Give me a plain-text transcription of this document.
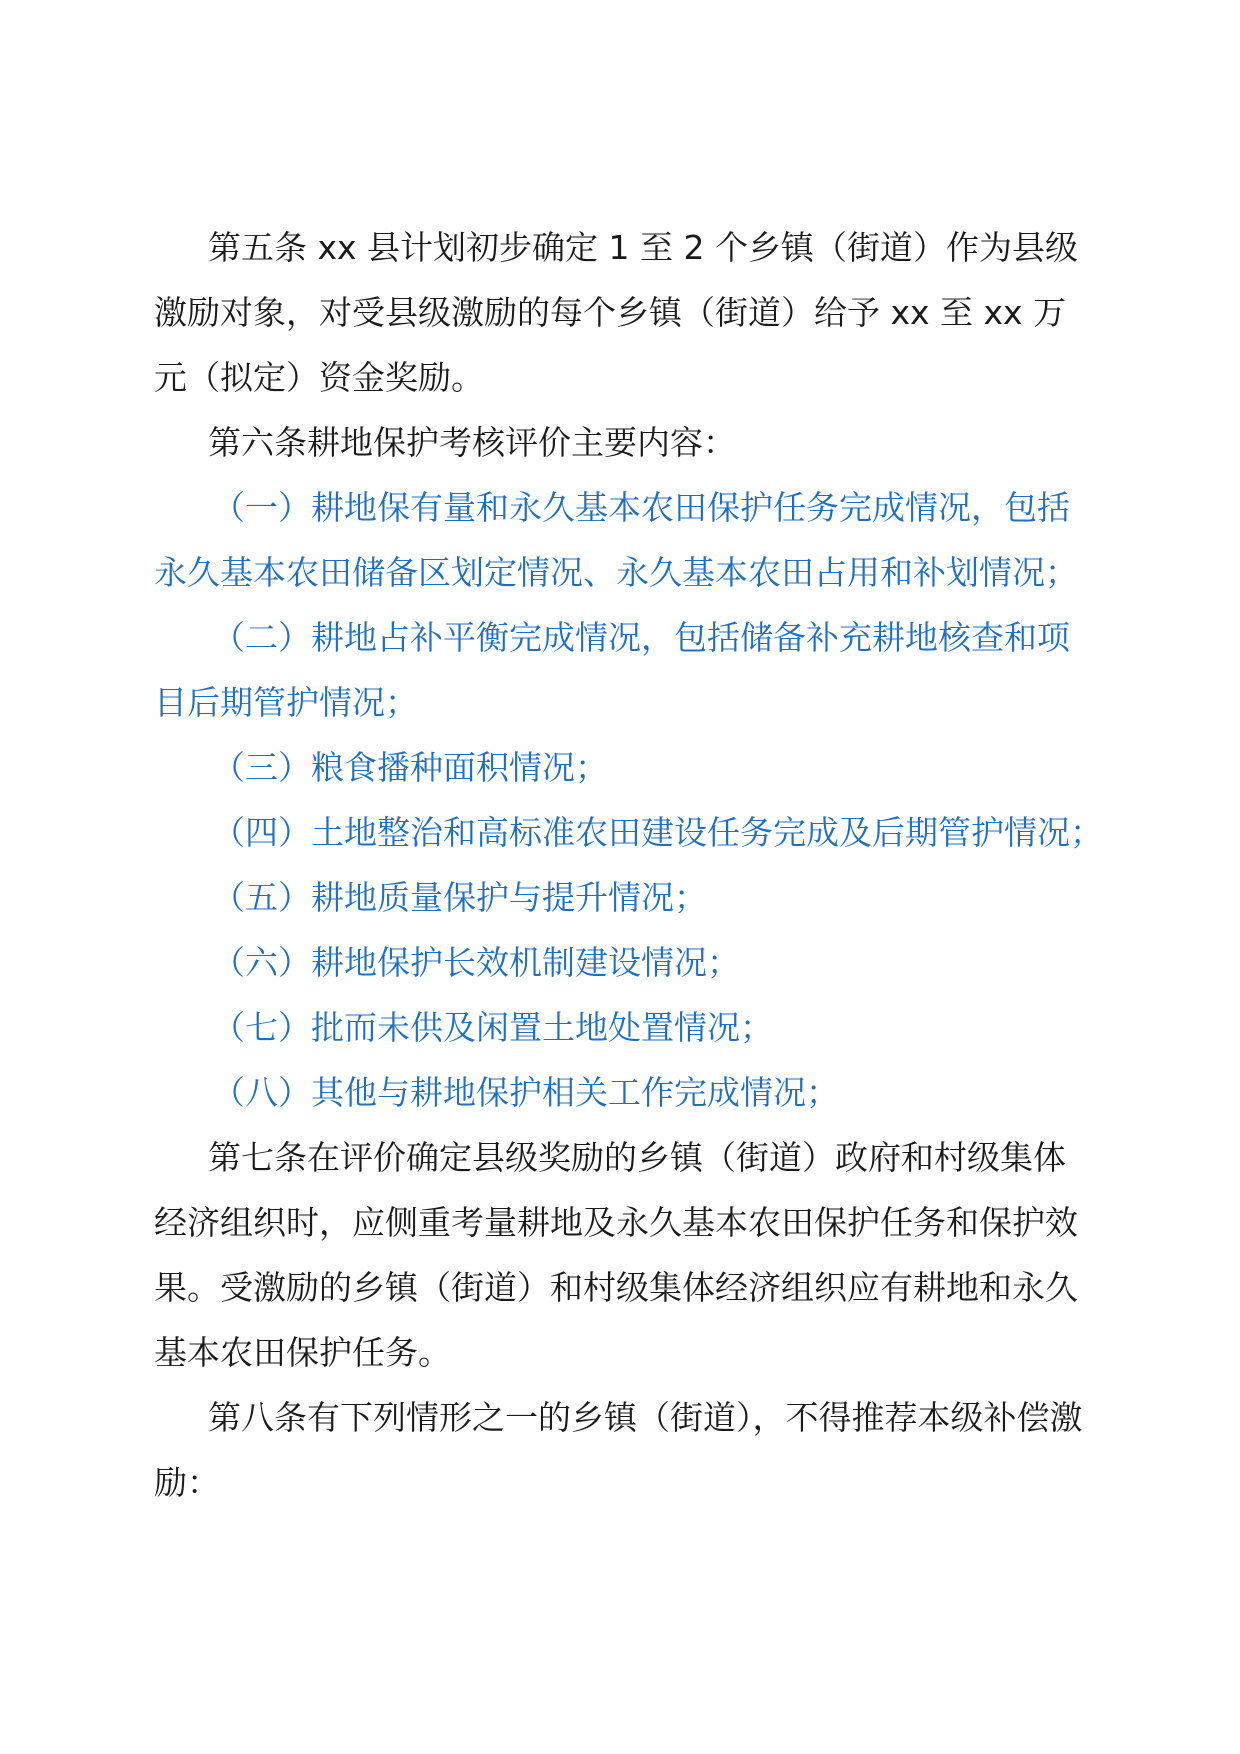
第五条 xx 县计划初步确定 1 至 2 个乡镇（街道）作为县级激励对象，对受县级激励的每个乡镇（街道）给予 xx 至 xx 万元（拟定）资金奖励。

第六条耕地保护考核评价主要内容：

（一）耕地保有量和永久基本农田保护任务完成情况，包括永久基本农田储备区划定情况、永久基本农田占用和补划情况；

（二）耕地占补平衡完成情况，包括储备补充耕地核查和项目后期管护情况；

（三）粮食播种面积情况；

（四）土地整治和高标准农田建设任务完成及后期管护情况；

（五）耕地质量保护与提升情况；

（六）耕地保护长效机制建设情况；

（七）批而未供及闲置土地处置情况；

（八）其他与耕地保护相关工作完成情况；

第七条在评价确定县级奖励的乡镇（街道）政府和村级集体经济组织时，应侧重考量耕地及永久基本农田保护任务和保护效果。受激励的乡镇（街道）和村级集体经济组织应有耕地和永久基本农田保护任务。

第八条有下列情形之一的乡镇（街道），不得推荐本级补偿激励：
